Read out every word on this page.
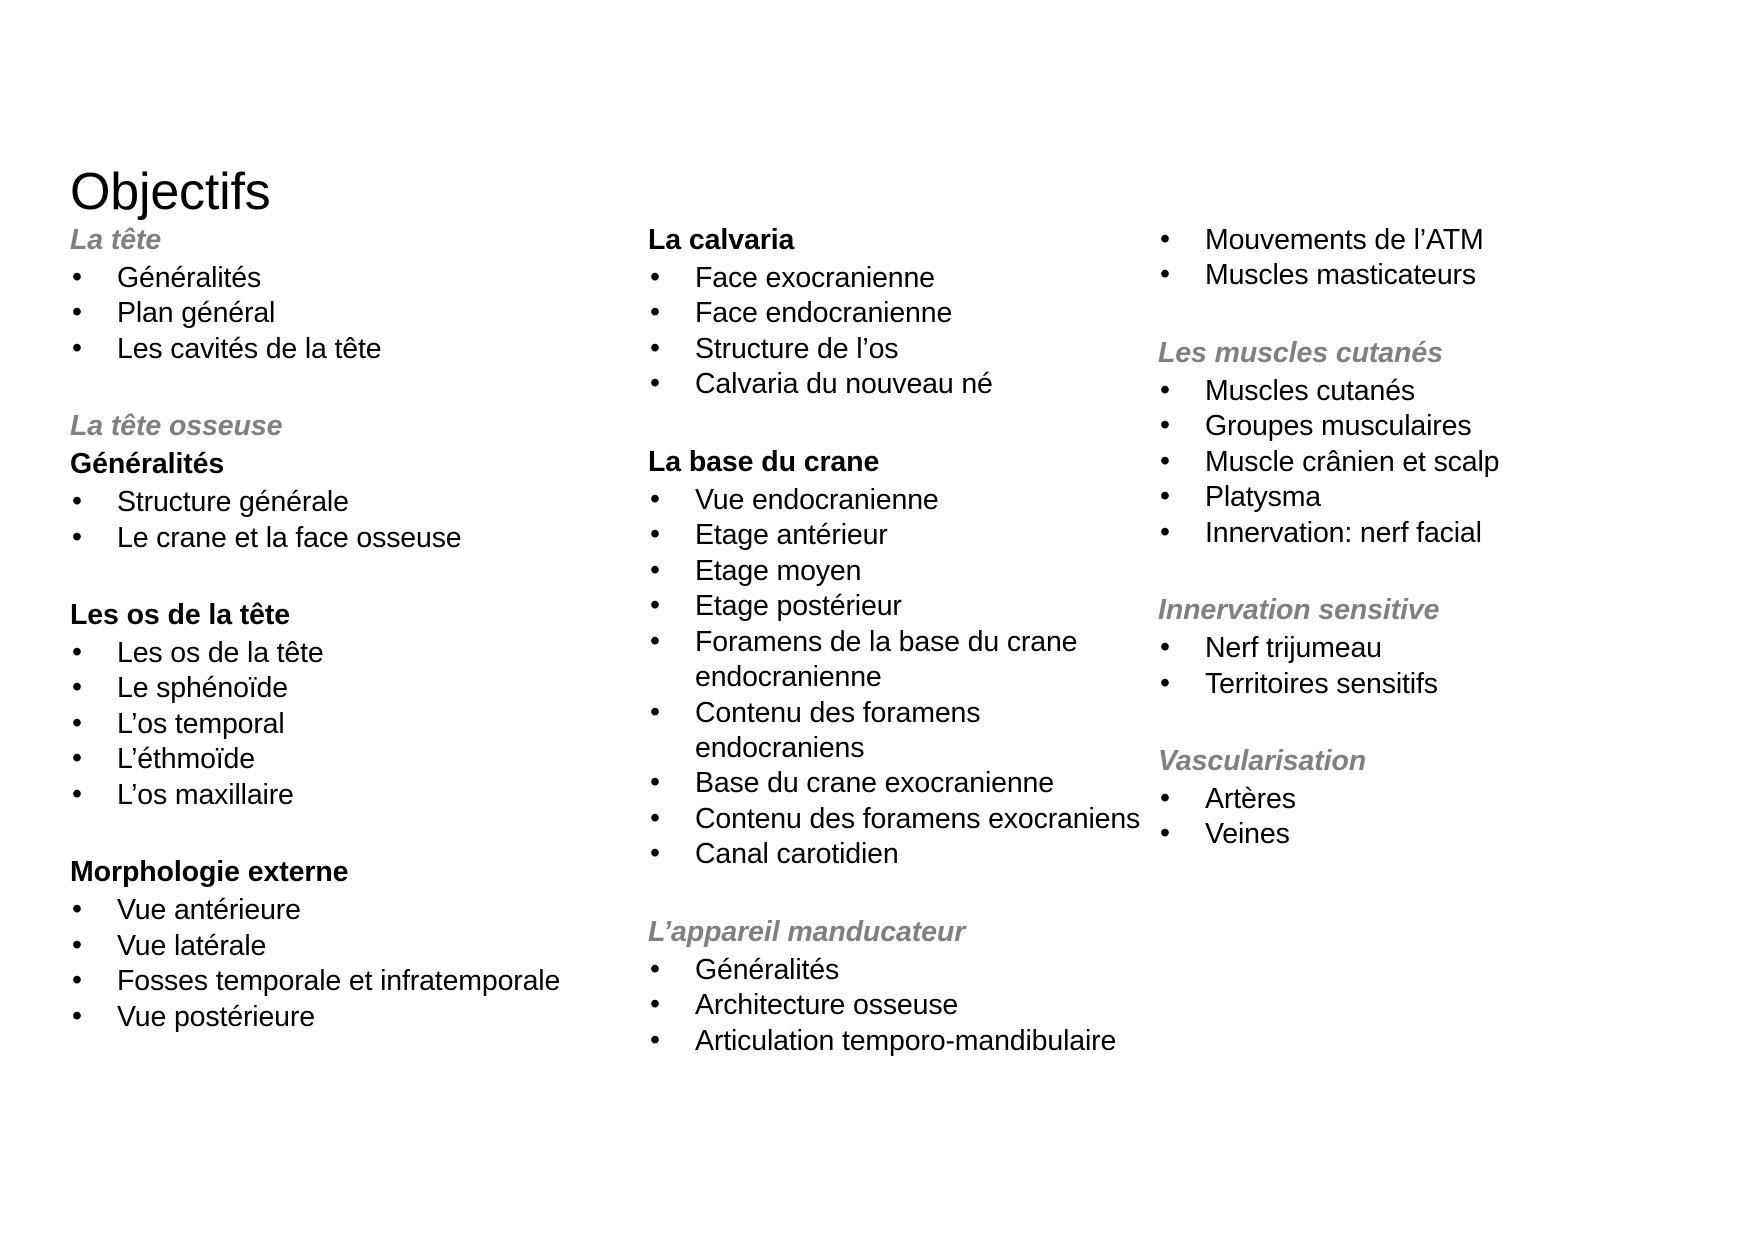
Objectifs
La tête
• Généralités
• Plan général
• Les cavités de la tête
La tête osseuse
Généralités
• Structure générale
• Le crane et la face osseuse
Les os de la tête
• Les os de la tête
• Le sphénoïde
• L’os temporal
• L’éthmoïde
• L’os maxillaire
Morphologie externe
• Vue antérieure
• Vue latérale
• Fosses temporale et infratemporale
• Vue postérieure
La calvaria
• Face exocranienne
• Face endocranienne
• Structure de l’os
• Calvaria du nouveau né
La base du crane
• Vue endocranienne
• Etage antérieur
• Etage moyen
• Etage postérieur
• Foramens de la base du crane endocranienne
• Contenu des foramens endocraniens
• Base du crane exocranienne
• Contenu des foramens exocraniens
• Canal carotidien
L’appareil manducateur
• Généralités
• Architecture osseuse
• Articulation temporo-mandibulaire
• Mouvements de l’ATM
• Muscles masticateurs
Les muscles cutanés
• Muscles cutanés
• Groupes musculaires
• Muscle crânien et scalp
• Platysma
• Innervation: nerf facial
Innervation sensitive
• Nerf trijumeau
• Territoires sensitifs
Vascularisation
• Artères
• Veines
